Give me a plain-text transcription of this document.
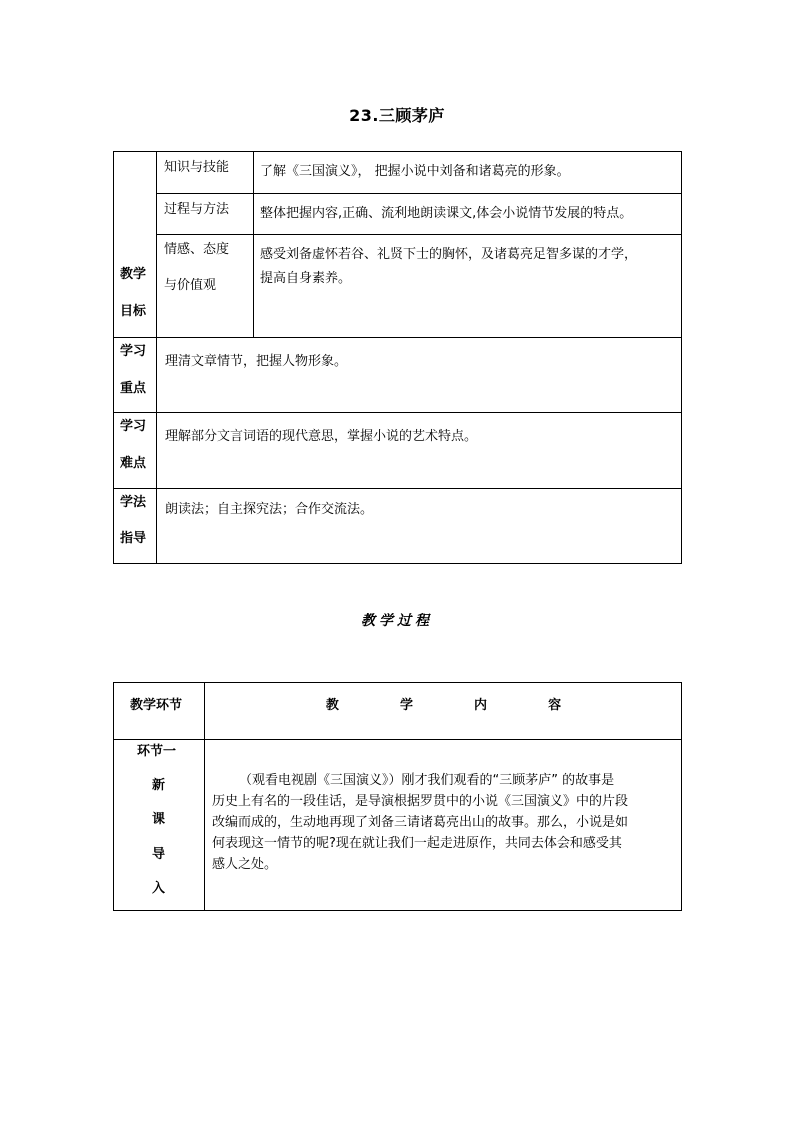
23.三顾茅庐
教学
目标
知识与技能 了解《三国演义》， 把握小说中刘备和诸葛亮的形象。
过程与方法 整体把握内容,正确、流利地朗读课文,体会小说情节发展的特点。
情感、态度
与价值观
感受刘备虚怀若谷、礼贤下士的胸怀，及诸葛亮足智多谋的才学，
提高自身素养。
学习
重点
理清文章情节，把握人物形象。
学习
难点
理解部分文言词语的现代意思，掌握小说的艺术特点。
学法
指导
朗读法；自主探究法；合作交流法。
教学过程
教学环节	教  学  内  容
环节一
新
课
导
入
（观看电视剧《三国演义》）刚才我们观看的“三顾茅庐” 的故事是
历史上有名的一段佳话，是导演根据罗贯中的小说《三国演义》中的片段
改编而成的，生动地再现了刘备三请诸葛亮出山的故事。那么，小说是如
何表现这一情节的呢?现在就让我们一起走进原作，共同去体会和感受其
感人之处。
